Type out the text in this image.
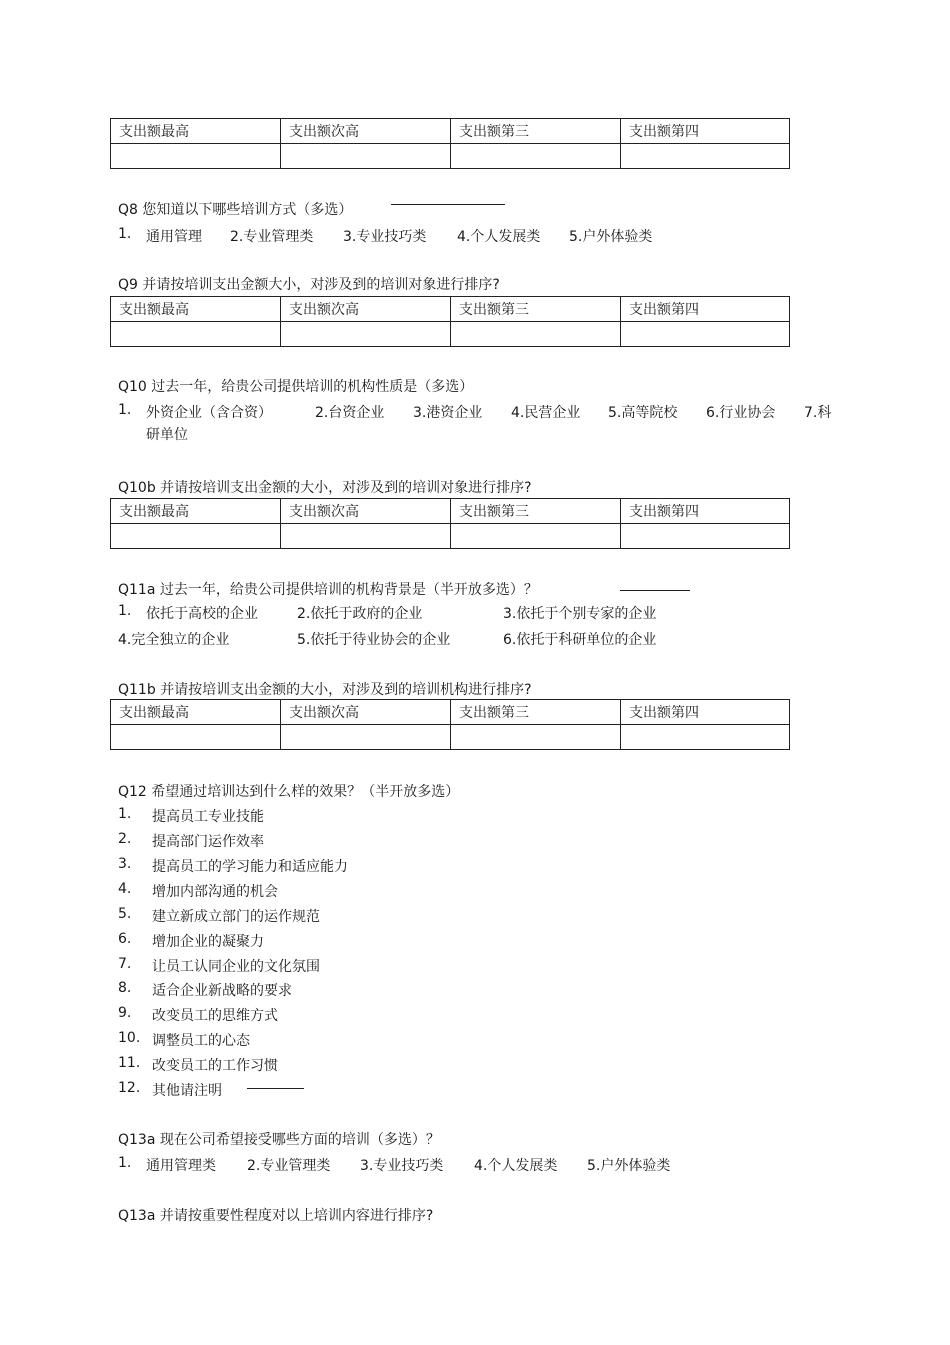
支出额最高	支出额次高	支出额第三	支出额第四

Q8 您知道以下哪些培训方式（多选）
1. 通用管理 2.专业管理类 3.专业技巧类 4.个人发展类 5.户外体验类
Q9 并请按培训支出金额大小，对涉及到的培训对象进行排序?
支出额最高	支出额次高	支出额第三	支出额第四

Q10 过去一年，给贵公司提供培训的机构性质是（多选）
1. 外资企业（含合资）	2.台资企业 3.港资企业 4.民营企业 5.高等院校 6.行业协会 7.科
研单位
Q10b 并请按培训支出金额的大小，对涉及到的培训对象进行排序?
支出额最高	支出额次高	支出额第三	支出额第四

Q11a 过去一年，给贵公司提供培训的机构背景是（半开放多选）？
1. 依托于高校的企业	2.依托于政府的企业	3.依托于个别专家的企业
4.完全独立的企业	5.依托于待业协会的企业	6.依托于科研单位的企业
Q11b 并请按培训支出金额的大小，对涉及到的培训机构进行排序?
支出额最高	支出额次高	支出额第三	支出额第四

Q12 希望通过培训达到什么样的效果？（半开放多选）
1. 提高员工专业技能
2. 提高部门运作效率
3. 提高员工的学习能力和适应能力
4. 增加内部沟通的机会
5. 建立新成立部门的运作规范
6. 增加企业的凝聚力
7. 让员工认同企业的文化氛围
8. 适合企业新战略的要求
9. 改变员工的思维方式
10. 调整员工的心态
11. 改变员工的工作习惯
12. 其他请注明
Q13a 现在公司希望接受哪些方面的培训（多选）？
1. 通用管理类 2.专业管理类 3.专业技巧类 4.个人发展类 5.户外体验类
Q13a 并请按重要性程度对以上培训内容进行排序?
